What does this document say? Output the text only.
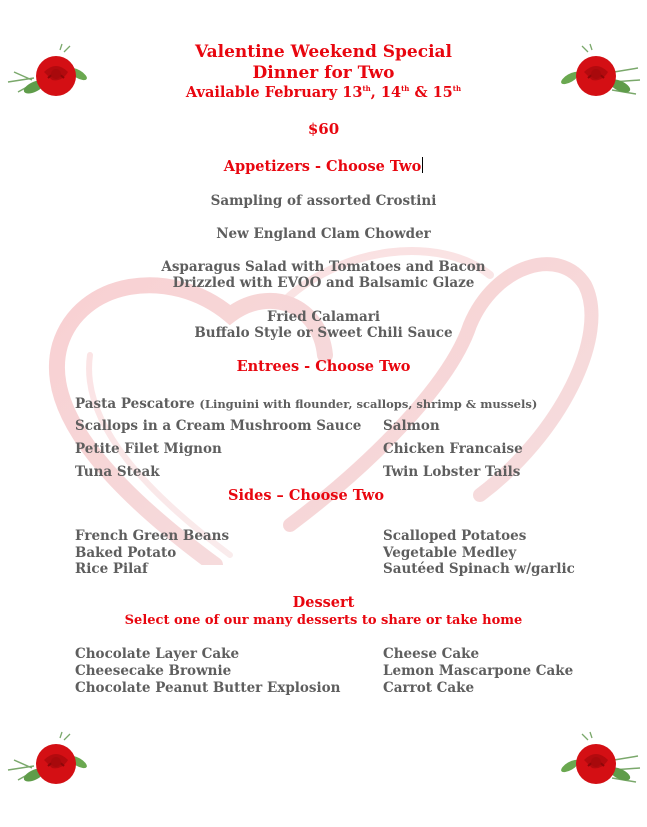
Valentine Weekend Special
Dinner for Two
Available February 13th, 14th & 15th
$60
Appetizers - Choose Two
Sampling of assorted Crostini
New England Clam Chowder
Asparagus Salad with Tomatoes and Bacon
Drizzled with EVOO and Balsamic Glaze
Fried Calamari
Buffalo Style or Sweet Chili Sauce
Entrees - Choose Two
Pasta Pescatore (Linguini with flounder, scallops, shrimp & mussels)
Scallops in a Cream Mushroom Sauce
Petite Filet Mignon
Tuna Steak
Salmon
Chicken Francaise
Twin Lobster Tails
Sides – Choose Two
French Green Beans
Baked Potato
Rice Pilaf
Scalloped Potatoes
Vegetable Medley
Sautéed Spinach w/garlic
Dessert
Select one of our many desserts to share or take home
Chocolate Layer Cake
Cheesecake Brownie
Chocolate Peanut Butter Explosion
Cheese Cake
Lemon Mascarpone Cake
Carrot Cake
